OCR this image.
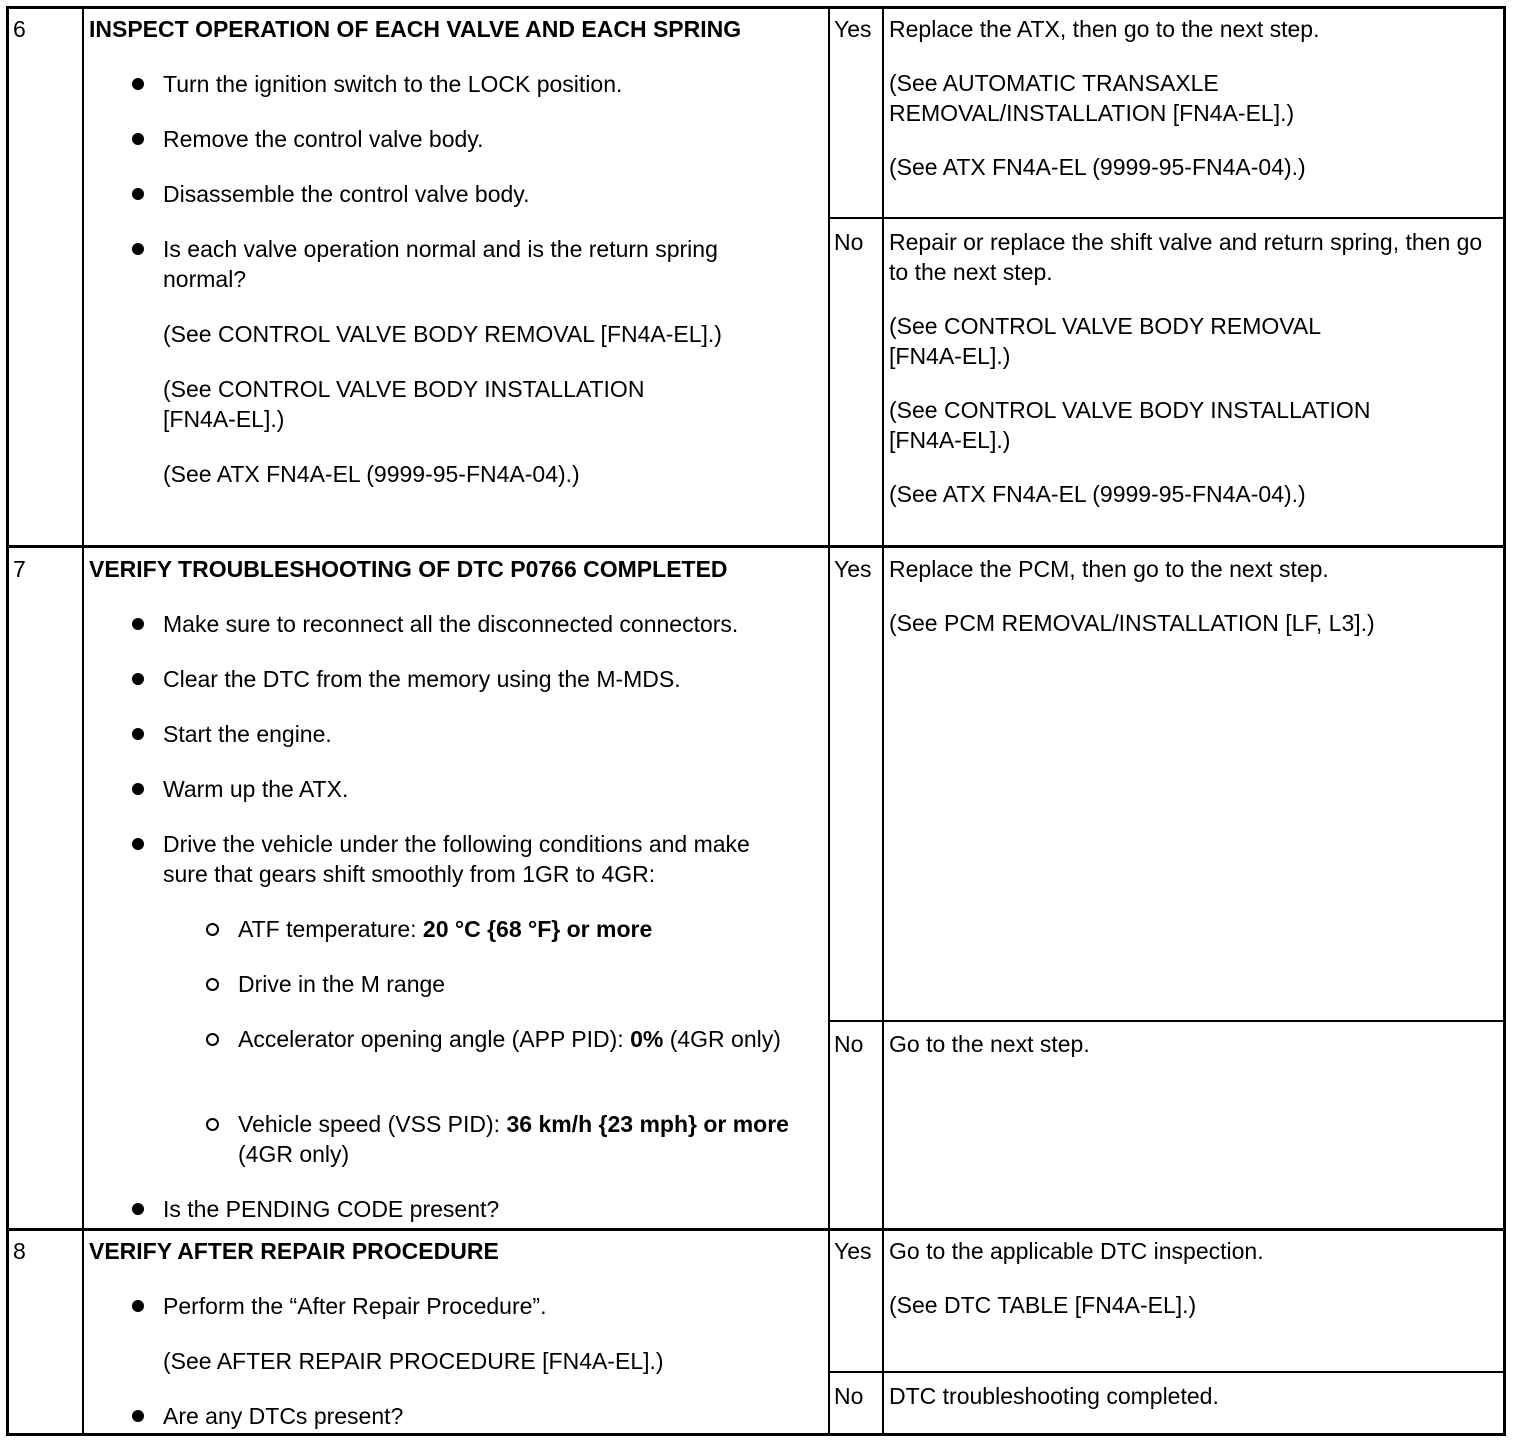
6	INSPECT OPERATION OF EACH VALVE AND EACH SPRING
Turn the ignition switch to the LOCK position.
Remove the control valve body.
Disassemble the control valve body.
Is each valve operation normal and is the return spring normal?
(See CONTROL VALVE BODY REMOVAL [FN4A-EL].)
(See CONTROL VALVE BODY INSTALLATION [FN4A-EL].)
(See ATX FN4A-EL (9999-95-FN4A-04).)
Yes Replace the ATX, then go to the next step.

(See AUTOMATIC TRANSAXLE REMOVAL/INSTALLATION [FN4A-EL].)

(See ATX FN4A-EL (9999-95-FN4A-04).)

No Repair or replace the shift valve and return spring, then go to the next step.

(See CONTROL VALVE BODY REMOVAL [FN4A-EL].)

(See CONTROL VALVE BODY INSTALLATION [FN4A-EL].)

(See ATX FN4A-EL (9999-95-FN4A-04).)

7	VERIFY TROUBLESHOOTING OF DTC P0766 COMPLETED
Make sure to reconnect all the disconnected connectors.
Clear the DTC from the memory using the M-MDS.
Start the engine.
Warm up the ATX.
Drive the vehicle under the following conditions and make sure that gears shift smoothly from 1GR to 4GR:
ATF temperature: 20 °C {68 °F} or more
Drive in the M range
Accelerator opening angle (APP PID): 0% (4GR only)
Vehicle speed (VSS PID): 36 km/h {23 mph} or more (4GR only)
Is the PENDING CODE present?
Yes Replace the PCM, then go to the next step.

(See PCM REMOVAL/INSTALLATION [LF, L3].)

No Go to the next step.

8	VERIFY AFTER REPAIR PROCEDURE
Perform the “After Repair Procedure”.
(See AFTER REPAIR PROCEDURE [FN4A-EL].)
Are any DTCs present?
Yes Go to the applicable DTC inspection.

(See DTC TABLE [FN4A-EL].)

No DTC troubleshooting completed.
